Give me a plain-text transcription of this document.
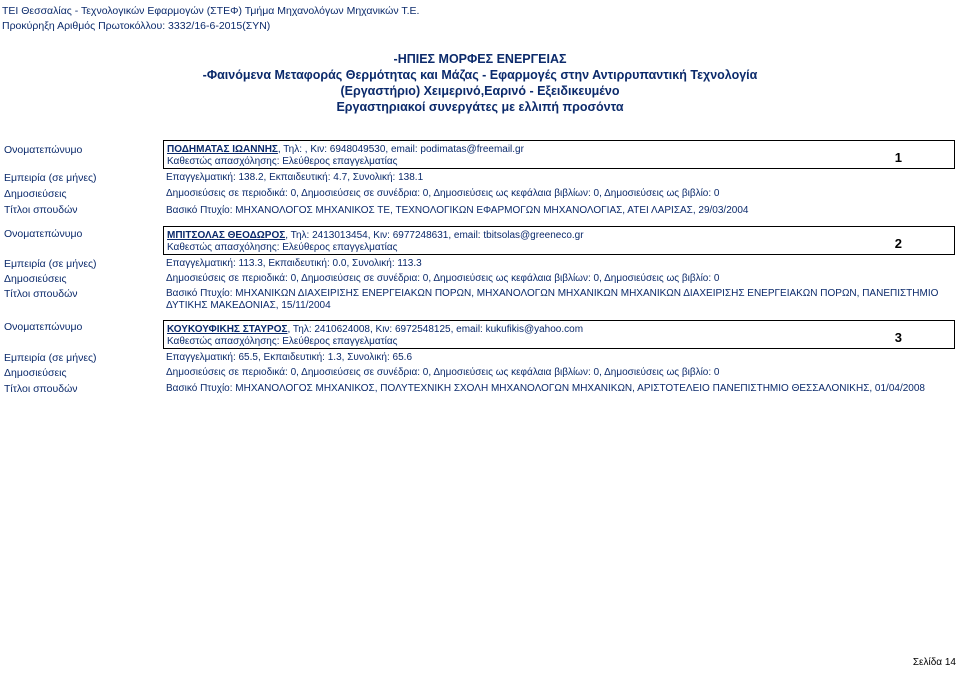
ΤΕΙ Θεσσαλίας - Τεχνολογικών Εφαρμογών (ΣΤΕΦ) Τμήμα Μηχανολόγων Μηχανικών Τ.Ε.
Προκύρηξη Αριθμός Πρωτοκόλλου: 3332/16-6-2015(ΣΥΝ)
-ΗΠΙΕΣ ΜΟΡΦΕΣ ΕΝΕΡΓΕΙΑΣ
-Φαινόμενα Μεταφοράς Θερμότητας και Μάζας - Εφαρμογές στην Αντιρρυπαντική Τεχνολογία
(Εργαστήριο) Χειμερινό,Εαρινό - Εξειδικευμένο
Εργαστηριακοί συνεργάτες με ελλιπή προσόντα
Ονοματεπώνυμο	ΠΟΔΗΜΑΤΑΣ ΙΩΑΝΝΗΣ, Τηλ: , Κιν: 6948049530, email: podimatas@freemail.gr
Καθεστώς απασχόλησης: Ελεύθερος επαγγελματίας	1
Εμπειρία (σε μήνες)	Επαγγελματική: 138.2, Εκπαιδευτική: 4.7, Συνολική: 138.1
Δημοσιεύσεις	Δημοσιεύσεις σε περιοδικά: 0, Δημοσιεύσεις σε συνέδρια: 0, Δημοσιεύσεις ως κεφάλαια βιβλίων: 0, Δημοσιεύσεις ως βιβλίο: 0
Τίτλοι σπουδών	Βασικό Πτυχίο: ΜΗΧΑΝΟΛΟΓΟΣ ΜΗΧΑΝΙΚΟΣ ΤΕ, ΤΕΧΝΟΛΟΓΙΚΩΝ ΕΦΑΡΜΟΓΩΝ ΜΗΧΑΝΟΛΟΓΙΑΣ, ΑΤΕΙ ΛΑΡΙΣΑΣ, 29/03/2004
Ονοματεπώνυμο	ΜΠΙΤΣΟΛΑΣ ΘΕΟΔΩΡΟΣ, Τηλ: 2413013454, Κιν: 6977248631, email: tbitsolas@greeneco.gr
Καθεστώς απασχόλησης: Ελεύθερος επαγγελματίας	2
Εμπειρία (σε μήνες)	Επαγγελματική: 113.3, Εκπαιδευτική: 0.0, Συνολική: 113.3
Δημοσιεύσεις	Δημοσιεύσεις σε περιοδικά: 0, Δημοσιεύσεις σε συνέδρια: 0, Δημοσιεύσεις ως κεφάλαια βιβλίων: 0, Δημοσιεύσεις ως βιβλίο: 0
Τίτλοι σπουδών	Βασικό Πτυχίο: ΜΗΧΑΝΙΚΩΝ ΔΙΑΧΕΙΡΙΣΗΣ ΕΝΕΡΓΕΙΑΚΩΝ ΠΟΡΩΝ, ΜΗΧΑΝΟΛΟΓΩΝ ΜΗΧΑΝΙΚΩΝ ΜΗΧΑΝΙΚΩΝ ΔΙΑΧΕΙΡΙΣΗΣ ΕΝΕΡΓΕΙΑΚΩΝ ΠΟΡΩΝ, ΠΑΝΕΠΙΣΤΗΜΙΟ ΔΥΤΙΚΗΣ ΜΑΚΕΔΟΝΙΑΣ, 15/11/2004
Ονοματεπώνυμο	ΚΟΥΚΟΥΦΙΚΗΣ ΣΤΑΥΡΟΣ, Τηλ: 2410624008, Κιν: 6972548125, email: kukufikis@yahoo.com
Καθεστώς απασχόλησης: Ελεύθερος επαγγελματίας	3
Εμπειρία (σε μήνες)	Επαγγελματική: 65.5, Εκπαιδευτική: 1.3, Συνολική: 65.6
Δημοσιεύσεις	Δημοσιεύσεις σε περιοδικά: 0, Δημοσιεύσεις σε συνέδρια: 0, Δημοσιεύσεις ως κεφάλαια βιβλίων: 0, Δημοσιεύσεις ως βιβλίο: 0
Τίτλοι σπουδών	Βασικό Πτυχίο: ΜΗΧΑΝΟΛΟΓΟΣ ΜΗΧΑΝΙΚΟΣ, ΠΟΛΥΤΕΧΝΙΚΗ ΣΧΟΛΗ ΜΗΧΑΝΟΛΟΓΩΝ ΜΗΧΑΝΙΚΩΝ, ΑΡΙΣΤΟΤΕΛΕΙΟ ΠΑΝΕΠΙΣΤΗΜΙΟ ΘΕΣΣΑΛΟΝΙΚΗΣ, 01/04/2008
Σελίδα 14
